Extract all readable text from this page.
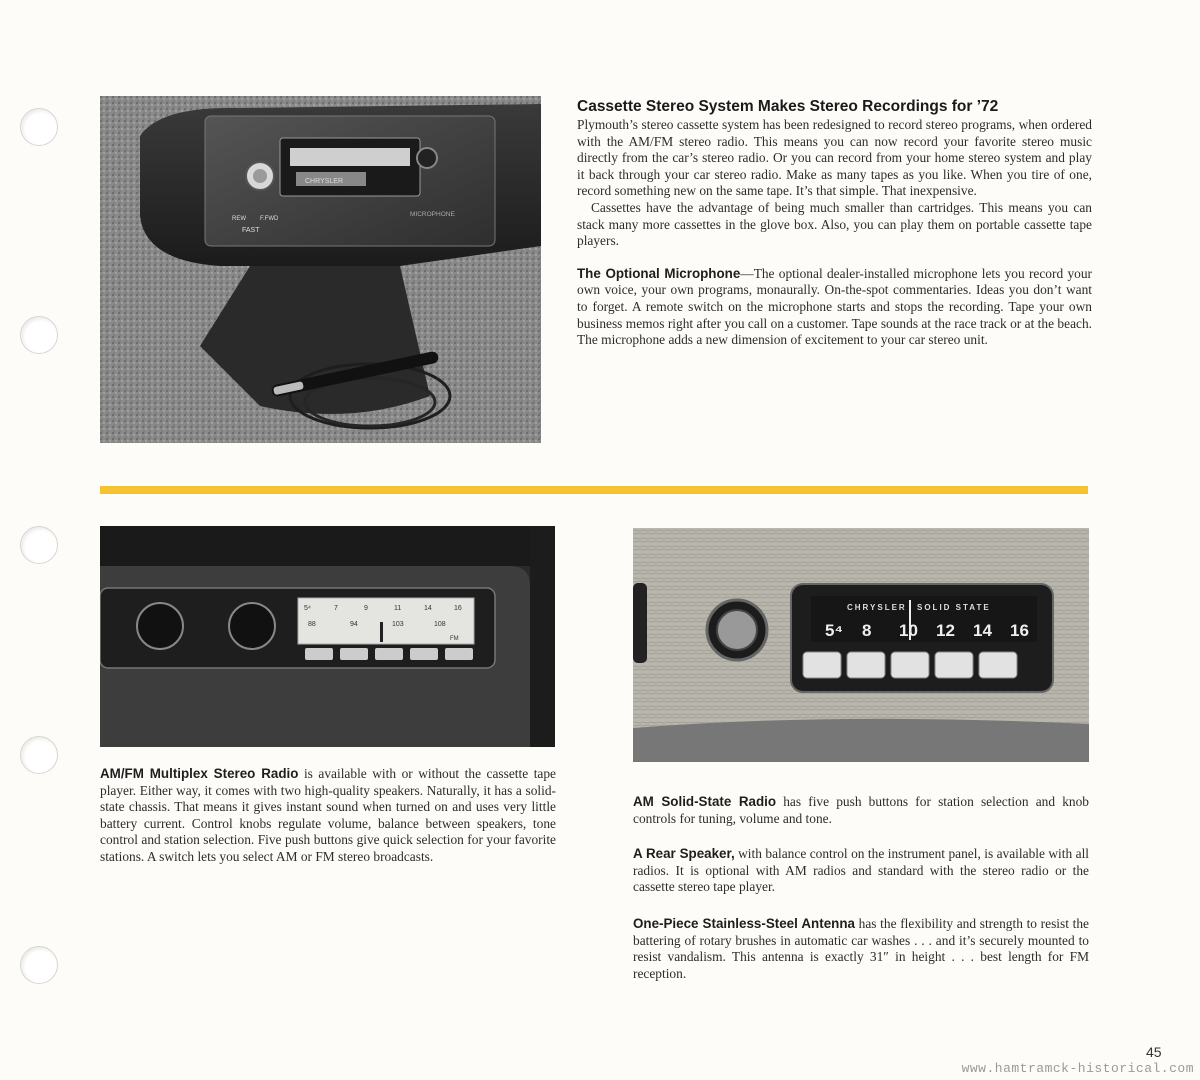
CHRYSLER
REW F.FWD
FAST
MICROPHONE
Cassette Stereo System Makes Stereo Recordings for ’72

Plymouth’s stereo cassette system has been redesigned to record stereo programs, when ordered with the AM/FM stereo radio. This means you can now record your favorite stereo music directly from the car’s stereo radio. Or you can record from your home stereo system and play it back through your car stereo radio. Make as many tapes as you like. When you tire of one, record something new on the same tape. It’s that simple. That inexpensive.

Cassettes have the advantage of being much smaller than cartridges. This means you can stack many more cassettes in the glove box. Also, you can play them on portable cassette tape players.

The Optional Microphone—The optional dealer-installed microphone lets you record your own voice, your own programs, monaurally. On-the-spot commentaries. Ideas you don’t want to forget. A remote switch on the microphone starts and stops the recording. Tape your own business memos right after you call on a customer. Tape sounds at the race track or at the beach. The microphone adds a new dimension of excitement to your car stereo unit.

5⁴	7	9	11	14	16
88	94	103	108
FM

AM/FM Multiplex Stereo Radio is available with or without the cassette tape player. Either way, it comes with two high-quality speakers. Naturally, it has a solid-state chassis. That means it gives instant sound when turned on and uses very little battery current. Control knobs regulate volume, balance between speakers, tone control and station selection. Five push buttons give quick selection for your favorite stations. A switch lets you select AM or FM stereo broadcasts.

CHRYSLER SOLID STATE
5⁴ 8 10 12 14 16

AM Solid-State Radio has five push buttons for station selection and knob controls for tuning, volume and tone.

A Rear Speaker, with balance control on the instrument panel, is available with all radios. It is optional with AM radios and standard with the stereo radio or the cassette stereo tape player.

One-Piece Stainless-Steel Antenna has the flexibility and strength to resist the battering of rotary brushes in automatic car washes . . . and it’s securely mounted to resist vandalism. This antenna is exactly 31″ in height . . . best length for FM reception.

45
www.hamtramck-historical.com
